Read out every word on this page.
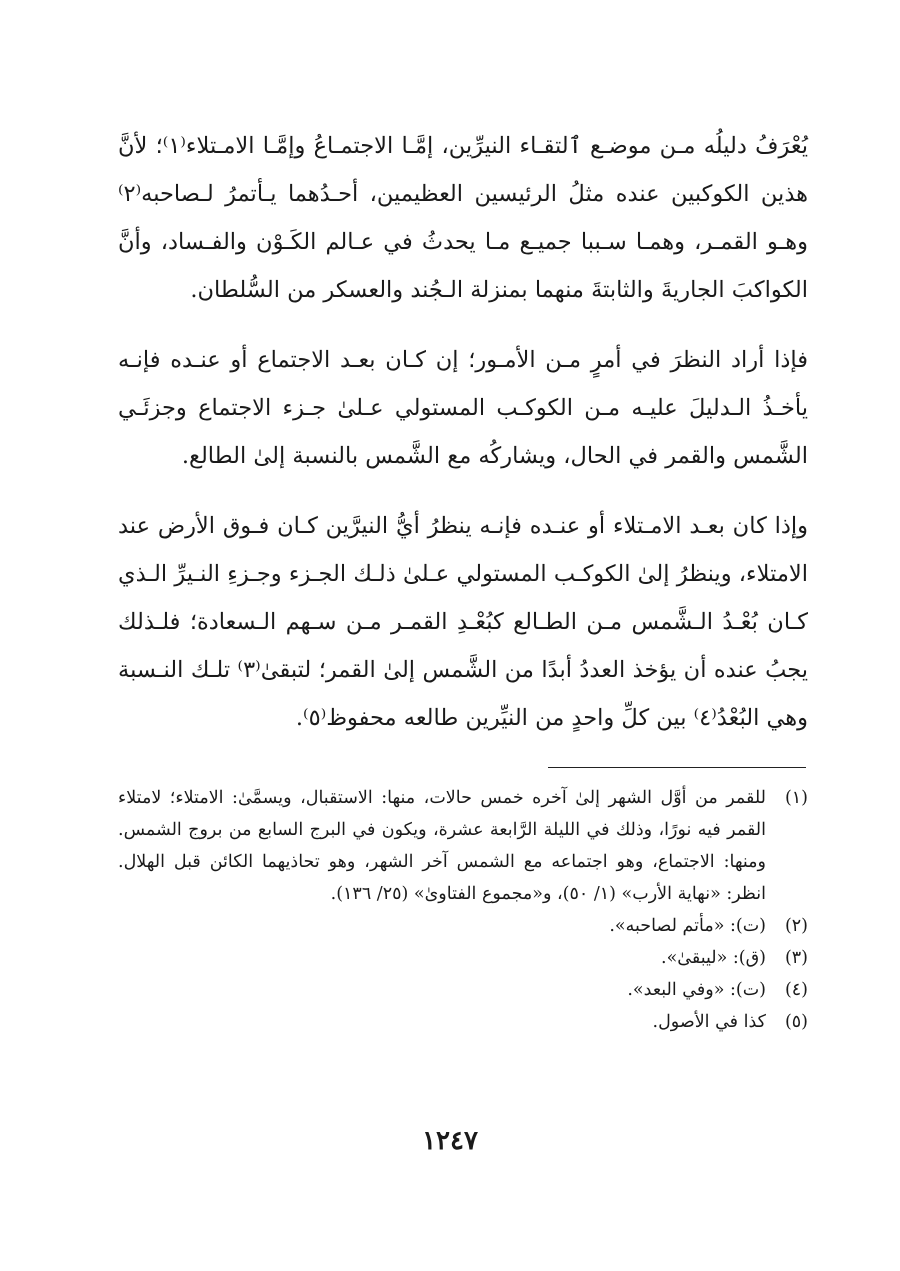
يُعْرَفُ دليلُه مـن موضـع ٱلتقـاء النيرِّين، إمَّـا الاجتمـاعُ وإمَّـا الامـتلاء⁽١⁾؛ لأنَّ هذين الكوكبين عنده مثلُ الرئيسين العظيمين، أحـدُهما يـأتمرُ لـصاحبه⁽٢⁾ وهـو القمـر، وهمـا سـببا جميـع مـا يحدثُ في عـالم الكَـوْن والفـساد، وأنَّ الكواكبَ الجاريةَ والثابتةَ منهما بمنزلة الـجُند والعسكر من السُّلطان.

فإذا أراد النظرَ في أمرٍ مـن الأمـور؛ إن كـان بعـد الاجتماع أو عنـده فإنـه يأخـذُ الـدليلَ عليـه مـن الكوكـب المستولي عـلىٰ جـزء الاجتماع وجزئَـي الشَّمس والقمر في الحال، ويشاركُه مع الشَّمس بالنسبة إلىٰ الطالع.

وإذا كان بعـد الامـتلاء أو عنـده فإنـه ينظرُ أيُّ النيرَّين كـان فـوق الأرض عند الامتلاء، وينظرُ إلىٰ الكوكـب المستولي عـلىٰ ذلـك الجـزء وجـزءِ النـيرِّ الـذي كـان بُعْـدُ الـشَّمس مـن الطـالع كبُعْـدِ القمـر مـن سـهم الـسعادة؛ فلـذلك يجبُ عنده أن يؤخذ العددُ أبدًا من الشَّمس إلىٰ القمر؛ لتبقىٰ⁽٣⁾ تلـك النـسبة وهي البُعْدُ⁽٤⁾ بين كلِّ واحدٍ من النيِّرين طالعه محفوظ⁽٥⁾.

(١)
للقمر من أوَّل الشهر إلىٰ آخره خمس حالات، منها: الاستقبال، ويسمَّىٰ: الامتلاء؛ لامتلاء القمر فيه نورًا، وذلك في الليلة الرَّابعة عشرة، ويكون في البرج السابع من بروج الشمس. ومنها: الاجتماع، وهو اجتماعه مع الشمس آخر الشهر، وهو تحاذيهما الكائن قبل الهلال. انظر: «نهاية الأرب» (١/ ٥٠)، و«مجموع الفتاوىٰ» (٢٥/ ١٣٦).
(٢)
(ت): «مأتم لصاحبه».
(٣)
(ق): «ليبقىٰ».
(٤)
(ت): «وفي البعد».
(٥)
كذا في الأصول.
١٢٤٧
